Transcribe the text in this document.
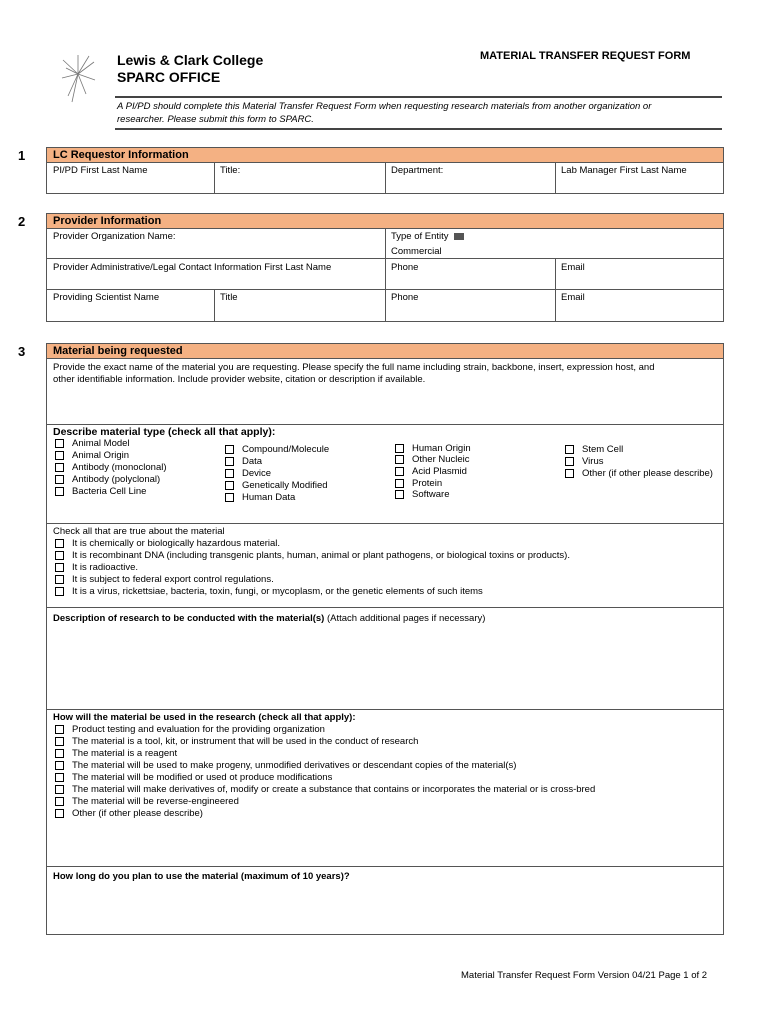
Lewis & Clark College
SPARC OFFICE
MATERIAL TRANSFER REQUEST FORM
A PI/PD should complete this Material Transfer Request Form when requesting research materials from another organization or
researcher. Please submit this form to SPARC.
1	LC Requestor Information
PI/PD First Last Name	Title:	Department:	Lab Manager First Last Name
2	Provider Information
Provider Organization Name:	Type of Entity
Commercial
Provider Administrative/Legal Contact Information First Last Name	Phone	Email
Providing Scientist Name	Title	Phone	Email
3	Material being requested
Provide the exact name of the material you are requesting. Please specify the full name including strain, backbone, insert, expression host, and
other identifiable information. Include provider website, citation or description if available.
Describe material type (check all that apply):
Animal Model
Animal Origin
Antibody (monoclonal)
Antibody (polyclonal)
Bacteria Cell Line
Compound/Molecule
Data
Device
Genetically Modified
Human Data
Human Origin
Other Nucleic
Acid Plasmid
Protein
Software
Stem Cell
Virus
Other (if other please describe)
Check all that are true about the material
It is chemically or biologically hazardous material.
It is recombinant DNA (including transgenic plants, human, animal or plant pathogens, or biological toxins or products).
It is radioactive.
It is subject to federal export control regulations.
It is a virus, rickettsiae, bacteria, toxin, fungi, or mycoplasm, or the genetic elements of such items
Description of research to be conducted with the material(s) (Attach additional pages if necessary)
How will the material be used in the research (check all that apply):
Product testing and evaluation for the providing organization
The material is a tool, kit, or instrument that will be used in the conduct of research
The material is a reagent
The material will be used to make progeny, unmodified derivatives or descendant copies of the material(s)
The material will be modified or used ot produce modifications
The material will make derivatives of, modify or create a substance that contains or incorporates the material or is cross-bred
The material will be reverse-engineered
Other (if other please describe)
How long do you plan to use the material (maximum of 10 years)?
Material Transfer Request Form Version 04/21 Page 1 of 2
